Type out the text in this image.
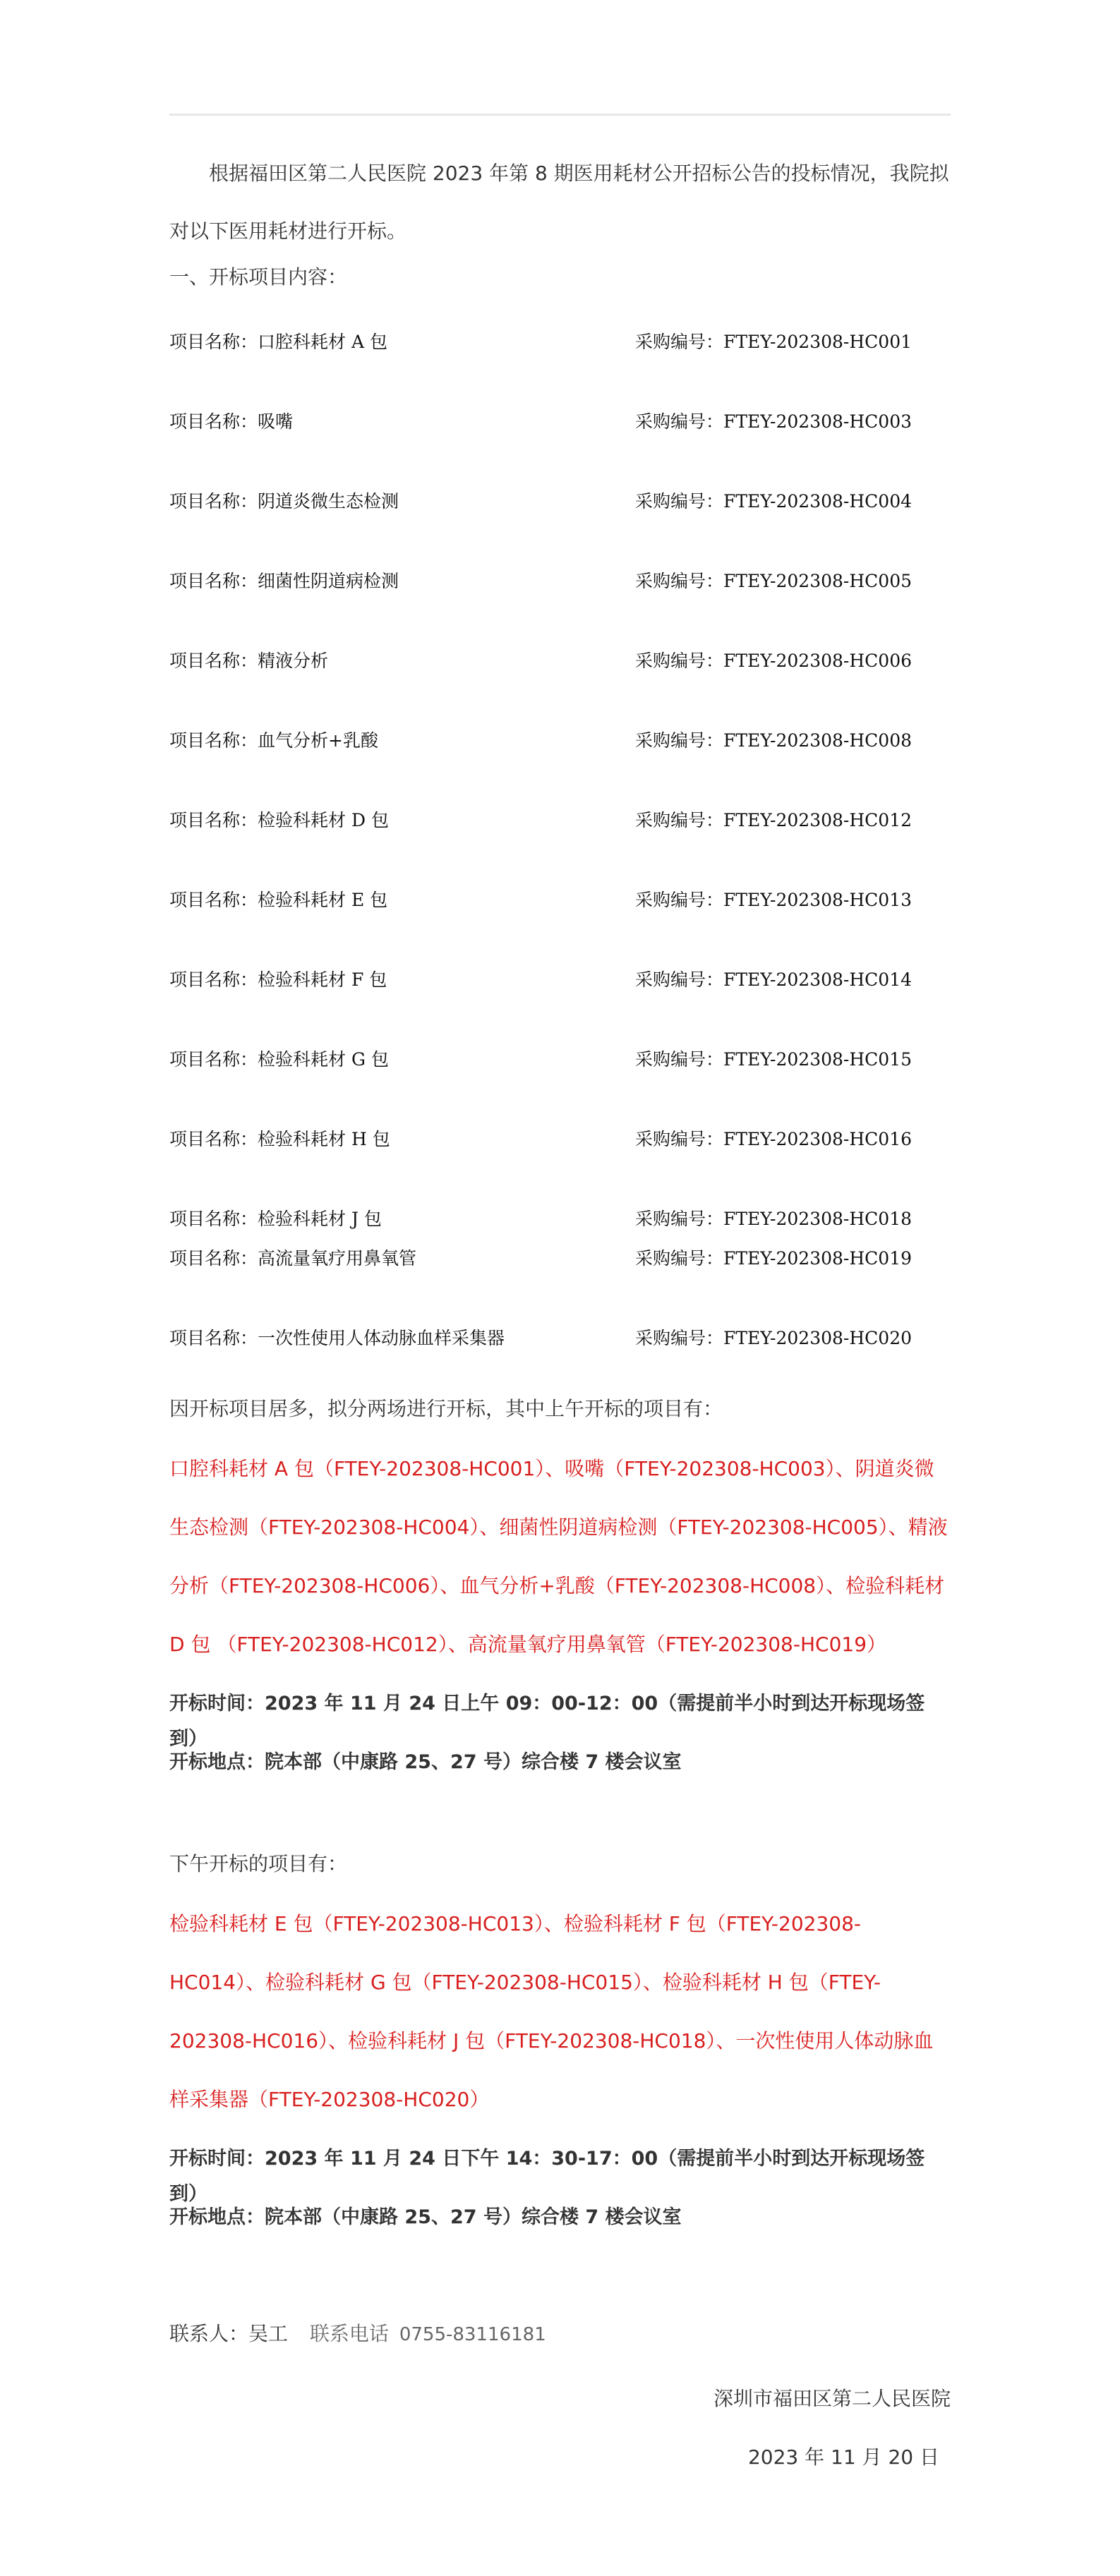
根据福田区第二人民医院 2023 年第 8 期医用耗材公开招标公告的投标情况，我院拟对以下医用耗材进行开标。

一、开标项目内容：

项目名称：口腔科耗材 A 包	采购编号：FTEY-202308-HC001
项目名称：吸嘴	采购编号：FTEY-202308-HC003
项目名称：阴道炎微生态检测	采购编号：FTEY-202308-HC004
项目名称：细菌性阴道病检测	采购编号：FTEY-202308-HC005
项目名称：精液分析	采购编号：FTEY-202308-HC006
项目名称：血气分析+乳酸	采购编号：FTEY-202308-HC008
项目名称：检验科耗材 D 包	采购编号：FTEY-202308-HC012
项目名称：检验科耗材 E 包	采购编号：FTEY-202308-HC013
项目名称：检验科耗材 F 包	采购编号：FTEY-202308-HC014
项目名称：检验科耗材 G 包	采购编号：FTEY-202308-HC015
项目名称：检验科耗材 H 包	采购编号：FTEY-202308-HC016
项目名称：检验科耗材 J 包	采购编号：FTEY-202308-HC018
项目名称：高流量氧疗用鼻氧管	采购编号：FTEY-202308-HC019
项目名称：一次性使用人体动脉血样采集器	采购编号：FTEY-202308-HC020

因开标项目居多，拟分两场进行开标，其中上午开标的项目有：

口腔科耗材 A 包（FTEY-202308-HC001）、吸嘴（FTEY-202308-HC003）、阴道炎微生态检测（FTEY-202308-HC004）、细菌性阴道病检测（FTEY-202308-HC005）、精液分析（FTEY-202308-HC006）、血气分析+乳酸（FTEY-202308-HC008）、检验科耗材 D 包 （FTEY-202308-HC012）、高流量氧疗用鼻氧管（FTEY-202308-HC019）

开标时间：2023 年 11 月 24 日上午 09：00-12：00（需提前半小时到达开标现场签到）

开标地点：院本部（中康路 25、27 号）综合楼 7 楼会议室

下午开标的项目有：

检验科耗材 E 包（FTEY-202308-HC013）、检验科耗材 F 包（FTEY-202308-HC014）、检验科耗材 G 包（FTEY-202308-HC015）、检验科耗材 H 包（FTEY-202308-HC016）、检验科耗材 J 包（FTEY-202308-HC018）、一次性使用人体动脉血样采集器（FTEY-202308-HC020）

开标时间：2023 年 11 月 24 日下午 14：30-17：00（需提前半小时到达开标现场签到）

开标地点：院本部（中康路 25、27 号）综合楼 7 楼会议室

联系人：吴工 联系电话 0755-83116181

深圳市福田区第二人民医院

2023 年 11 月 20 日
